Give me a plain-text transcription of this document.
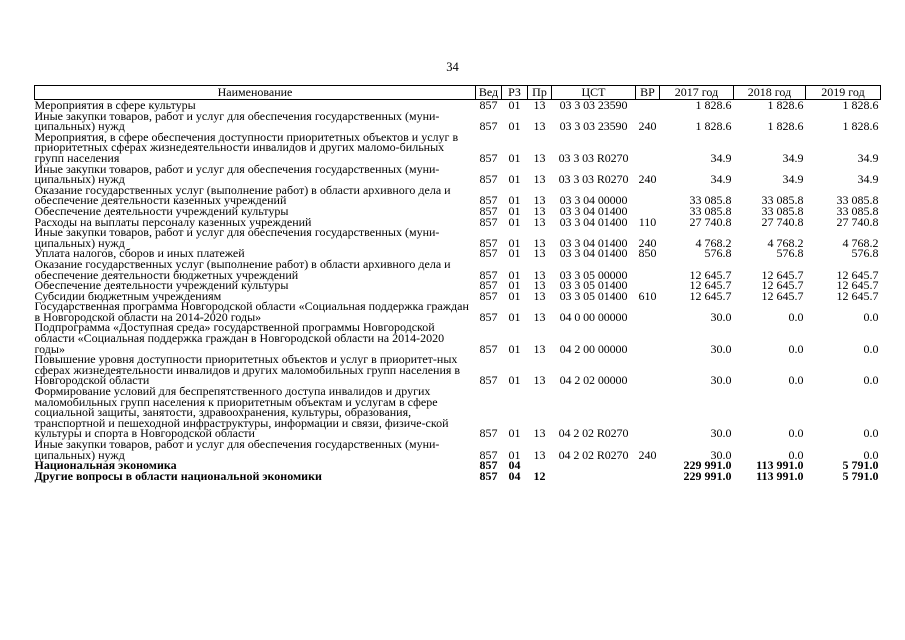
34
Наименование	Вед	РЗ	Пр	ЦСТ	ВР	2017 год	2018 год	2019 год
Мероприятия в сфере культуры	857	01	13	03 3 03 23590		1 828.6	1 828.6	1 828.6
Иные закупки товаров, работ и услуг для обеспечения государственных (муни-ципальных) нужд	857	01	13	03 3 03 23590	240	1 828.6	1 828.6	1 828.6
Мероприятия, в сфере обеспечения доступности приоритетных объектов и услуг в приоритетных сферах жизнедеятельности инвалидов и других маломо-бильных групп населения	857	01	13	03 3 03 R0270		34.9	34.9	34.9
Иные закупки товаров, работ и услуг для обеспечения государственных (муни-ципальных) нужд	857	01	13	03 3 03 R0270	240	34.9	34.9	34.9
Оказание государственных услуг (выполнение работ) в области архивного дела и обеспечение деятельности казенных учреждений	857	01	13	03 3 04 00000		33 085.8	33 085.8	33 085.8
Обеспечение деятельности учреждений культуры	857	01	13	03 3 04 01400		33 085.8	33 085.8	33 085.8
Расходы на выплаты персоналу казенных учреждений	857	01	13	03 3 04 01400	110	27 740.8	27 740.8	27 740.8
Иные закупки товаров, работ и услуг для обеспечения государственных (муни-ципальных) нужд	857	01	13	03 3 04 01400	240	4 768.2	4 768.2	4 768.2
Уплата налогов, сборов и иных платежей	857	01	13	03 3 04 01400	850	576.8	576.8	576.8
Оказание государственных услуг (выполнение работ) в области архивного дела и обеспечение деятельности бюджетных учреждений	857	01	13	03 3 05 00000		12 645.7	12 645.7	12 645.7
Обеспечение деятельности учреждений культуры	857	01	13	03 3 05 01400		12 645.7	12 645.7	12 645.7
Субсидии бюджетным учреждениям	857	01	13	03 3 05 01400	610	12 645.7	12 645.7	12 645.7
Государственная программа Новгородской области «Социальная поддержка граждан в Новгородской области на 2014-2020 годы»	857	01	13	04 0 00 00000		30.0	0.0	0.0
Подпрограмма «Доступная среда» государственной программы Новгородской области «Социальная поддержка граждан в Новгородской области на 2014-2020 годы»	857	01	13	04 2 00 00000		30.0	0.0	0.0
Повышение уровня доступности приоритетных объектов и услуг в приоритет-ных сферах жизнедеятельности инвалидов и других маломобильных групп населения в Новгородской области	857	01	13	04 2 02 00000		30.0	0.0	0.0
Формирование условий для беспрепятственного доступа инвалидов и других маломобильных групп населения к приоритетным объектам и услугам в сфере социальной защиты, занятости, здравоохранения, культуры, образования, транспортной и пешеходной инфраструктуры, информации и связи, физиче-ской культуры и спорта в Новгородской области	857	01	13	04 2 02 R0270		30.0	0.0	0.0
Иные закупки товаров, работ и услуг для обеспечения государственных (муни-ципальных) нужд	857	01	13	04 2 02 R0270	240	30.0	0.0	0.0
Национальная экономика	857	04				229 991.0	113 991.0	5 791.0
Другие вопросы в области национальной экономики	857	04	12			229 991.0	113 991.0	5 791.0
